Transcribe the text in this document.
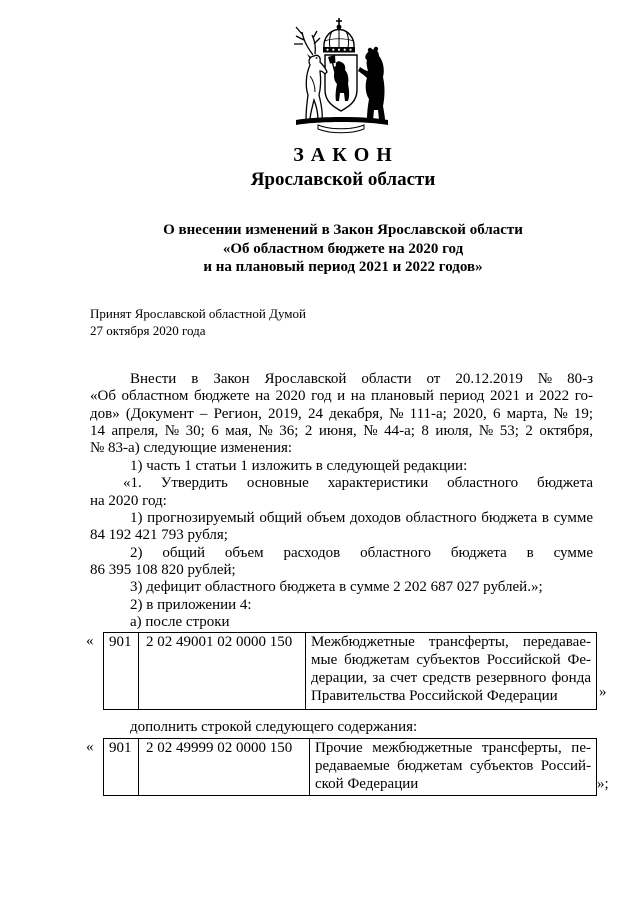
З А К О Н
Ярославской области
О внесении изменений в Закон Ярославской области
«Об областном бюджете на 2020 год
и на плановый период 2021 и 2022 годов»
Принят Ярославской областной Думой
27 октября 2020 года
Внести в Закон Ярославской области от 20.12.2019 № 80-з
«Об областном бюджете на 2020 год и на плановый период 2021 и 2022 го-
дов» (Документ – Регион, 2019, 24 декабря, № 111-а; 2020, 6 марта, № 19;
14 апреля, № 30; 6 мая, № 36; 2 июня, № 44-а; 8 июля, № 53; 2 октября,
№ 83-а) следующие изменения:
1) часть 1 статьи 1 изложить в следующей редакции:
«1. Утвердить основные характеристики областного бюджета
на 2020 год:
1) прогнозируемый общий объем доходов областного бюджета в сумме
84 192 421 793 рубля;
2) общий объем расходов областного бюджета в сумме
86 395 108 820 рублей;
3) дефицит областного бюджета в сумме 2 202 687 027 рублей.»;
2) в приложении 4:
а) после строки
« 901 2 02 49001 02 0000 150	Межбюджетные трансферты, передавае-
мые бюджетам субъектов Российской Фе-
дерации, за счет средств резервного фонда
Правительства Российской Федерации	»
дополнить строкой следующего содержания:
« 901 2 02 49999 02 0000 150	Прочие межбюджетные трансферты, пе-
редаваемые бюджетам субъектов Россий-
ской Федерации	»;
